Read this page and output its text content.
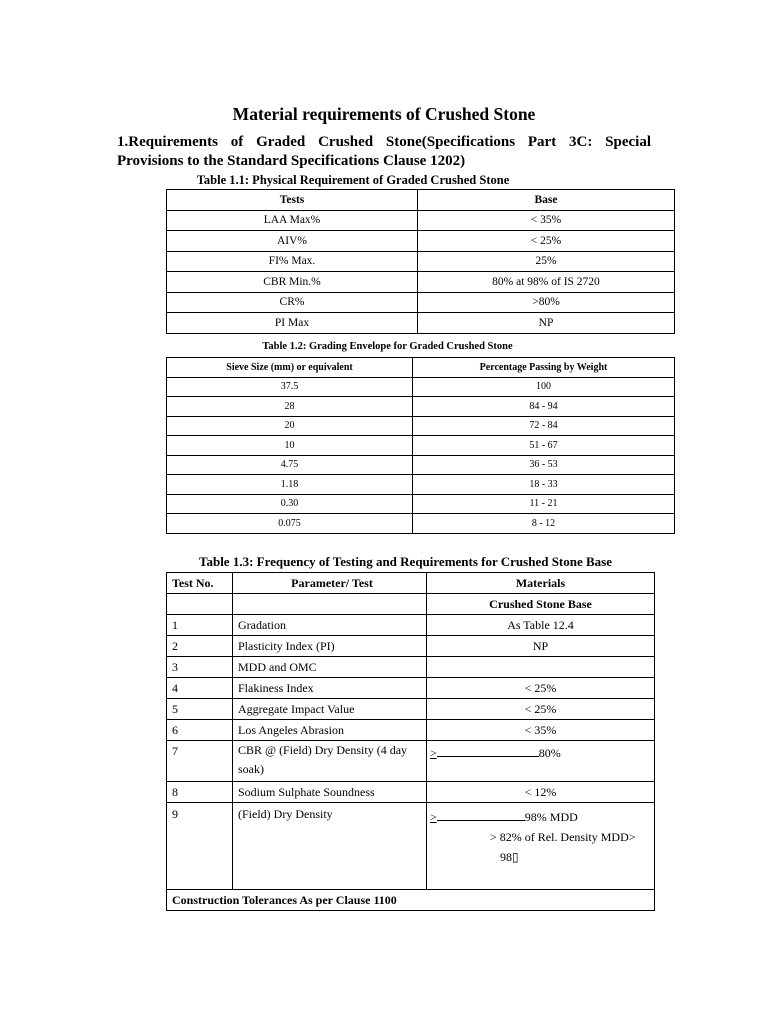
Material requirements of Crushed Stone
1.Requirements of Graded Crushed Stone(Specifications Part 3C: Special
Provisions to the Standard Specifications Clause 1202)
Table 1.1: Physical Requirement of Graded Crushed Stone
Tests	Base
LAA Max%	< 35%
AIV%	< 25%
FI% Max.	25%
CBR Min.%	80% at 98% of IS 2720
CR%	>80%
PI Max	NP
Table 1.2: Grading Envelope for Graded Crushed Stone
Sieve Size (mm) or equivalent	Percentage Passing by Weight
37.5	100
28	84 - 94
20	72 - 84
10	51 - 67
4.75	36 - 53
1.18	18 - 33
0.30	11 - 21
0.075	8 - 12
Table 1.3: Frequency of Testing and Requirements for Crushed Stone Base
Test No.	Parameter/ Test	Materials
		Crushed Stone Base
1	Gradation	As Table 12.4
2	Plasticity Index (PI)	NP
3	MDD and OMC	
4	Flakiness Index	< 25%
5	Aggregate Impact Value	< 25%
6	Los Angeles Abrasion	< 35%
7	CBR @ (Field) Dry Density (4 day soak)	> 80%
8	Sodium Sulphate Soundness	< 12%
9	(Field) Dry Density	> 98% MDD
> 82% of Rel. Density MDD>
98▯

Construction Tolerances As per Clause 1100		
